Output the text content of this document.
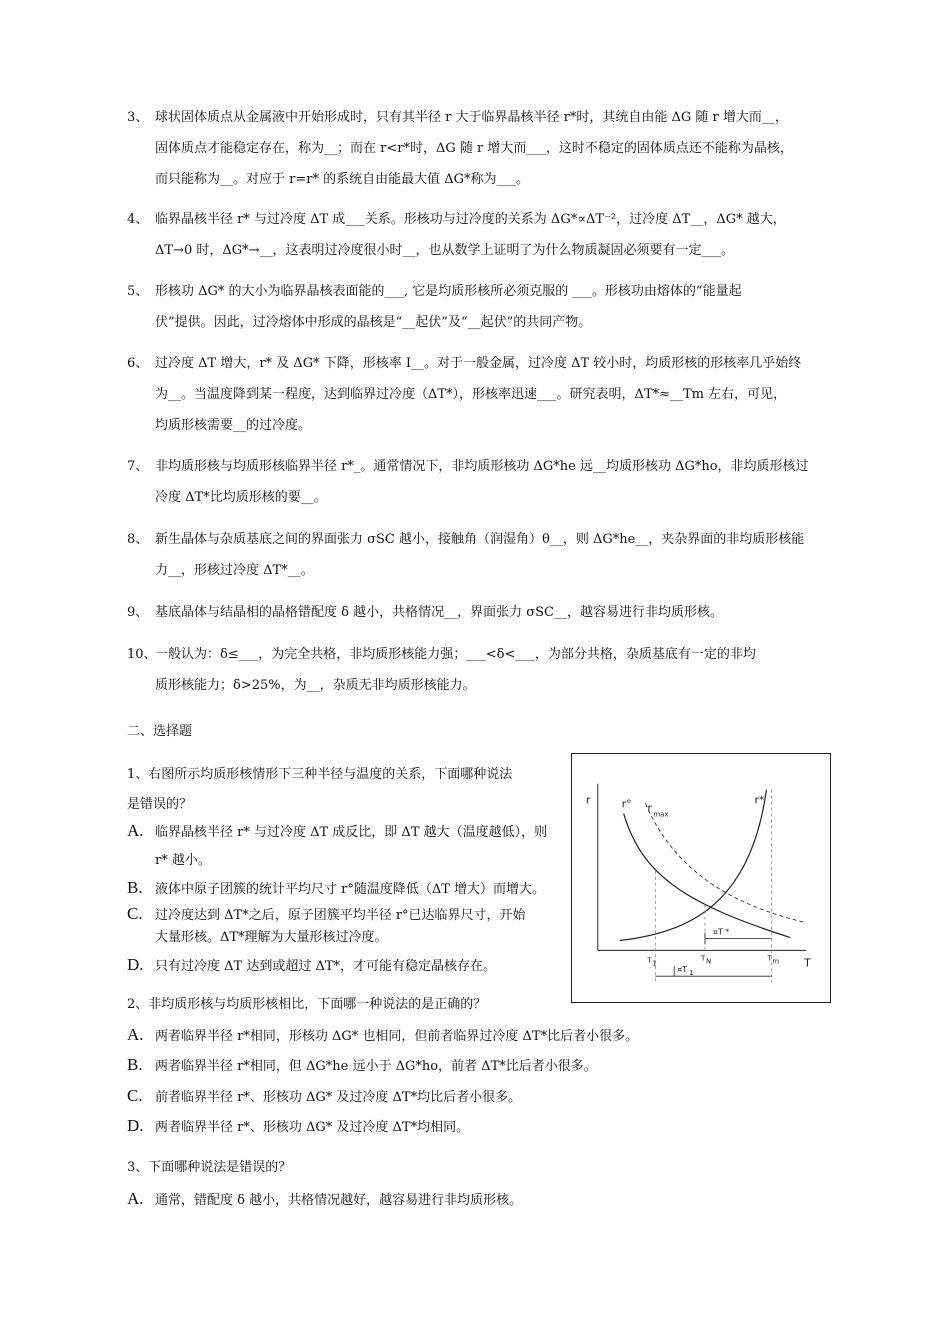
3、 球状固体质点从金属液中开始形成时，只有其半径 r 大于临界晶核半径 r*时，其统自由能 ΔG 随 r 增大而__，
固体质点才能稳定存在，称为__；而在 r<r*时，ΔG 随 r 增大而___，这时不稳定的固体质点还不能称为晶核，
而只能称为__。对应于 r=r* 的系统自由能最大值 ΔG*称为___。
4、 临界晶核半径 r* 与过冷度 ΔT 成___关系。形核功与过冷度的关系为 ΔG*∝ΔT⁻²，过冷度 ΔT__，ΔG* 越大，
ΔT→0 时，ΔG*→__，这表明过冷度很小时__，也从数学上证明了为什么物质凝固必须要有一定___。
5、 形核功 ΔG* 的大小为临界晶核表面能的___, 它是均质形核所必须克服的 ___。形核功由熔体的“能量起
伏”提供。因此，过冷熔体中形成的晶核是“__起伏”及“__起伏”的共同产物。
6、 过冷度 ΔT 增大，r* 及 ΔG* 下降，形核率 I__。对于一般金属，过冷度 ΔT 较小时，均质形核的形核率几乎始终
为__。当温度降到某一程度，达到临界过冷度（ΔT*），形核率迅速___。研究表明，ΔT*≈__Tm 左右，可见，
均质形核需要__的过冷度。
7、 非均质形核与均质形核临界半径 r*_。通常情况下，非均质形核功 ΔG*he 远__均质形核功 ΔG*ho，非均质形核过
冷度 ΔT*比均质形核的要__。
8、 新生晶体与杂质基底之间的界面张力 σSC 越小，接触角（润湿角）θ__，则 ΔG*he__，夹杂界面的非均质形核能
力__，形核过冷度 ΔT*__。
9、 基底晶体与结晶相的晶格错配度 δ 越小，共格情况__，界面张力 σSC__，越容易进行非均质形核。
10、
一般认为：δ≤___，为完全共格，非均质形核能力强；___<δ<___，为部分共格，杂质基底有一定的非均
质形核能力；δ>25%，为__，杂质无非均质形核能力。
二、选择题
1、右图所示均质形核情形下三种半径与温度的关系，下面哪种说法
是错误的？
A. 临界晶核半径 r* 与过冷度 ΔT 成反比，即 ΔT 越大（温度越低），则
r* 越小。
B. 液体中原子团簇的统计平均尺寸 r°随温度降低（ΔT 增大）而增大。
C. 过冷度达到 ΔT*之后，原子团簇平均半径 r°已达临界尺寸，开始
大量形核。ΔT*理解为大量形核过冷度。
D. 只有过冷度 ΔT 达到或超过 ΔT*，才可能有稳定晶核存在。
r
T
r° r max
r*
T 1
T N	T m
¤T *
¤T 1
2、非均质形核与均质形核相比，下面哪一种说法的是正确的？
A. 两者临界半径 r*相同，形核功 ΔG* 也相同，但前者临界过冷度 ΔT*比后者小很多。
B. 两者临界半径 r*相同，但 ΔG*he 远小于 ΔG*ho，前者 ΔT*比后者小很多。
C. 前者临界半径 r*、形核功 ΔG* 及过冷度 ΔT*均比后者小很多。
D. 两者临界半径 r*、形核功 ΔG* 及过冷度 ΔT*均相同。
3、下面哪种说法是错误的？
A. 通常，错配度 δ 越小，共格情况越好，越容易进行非均质形核。
